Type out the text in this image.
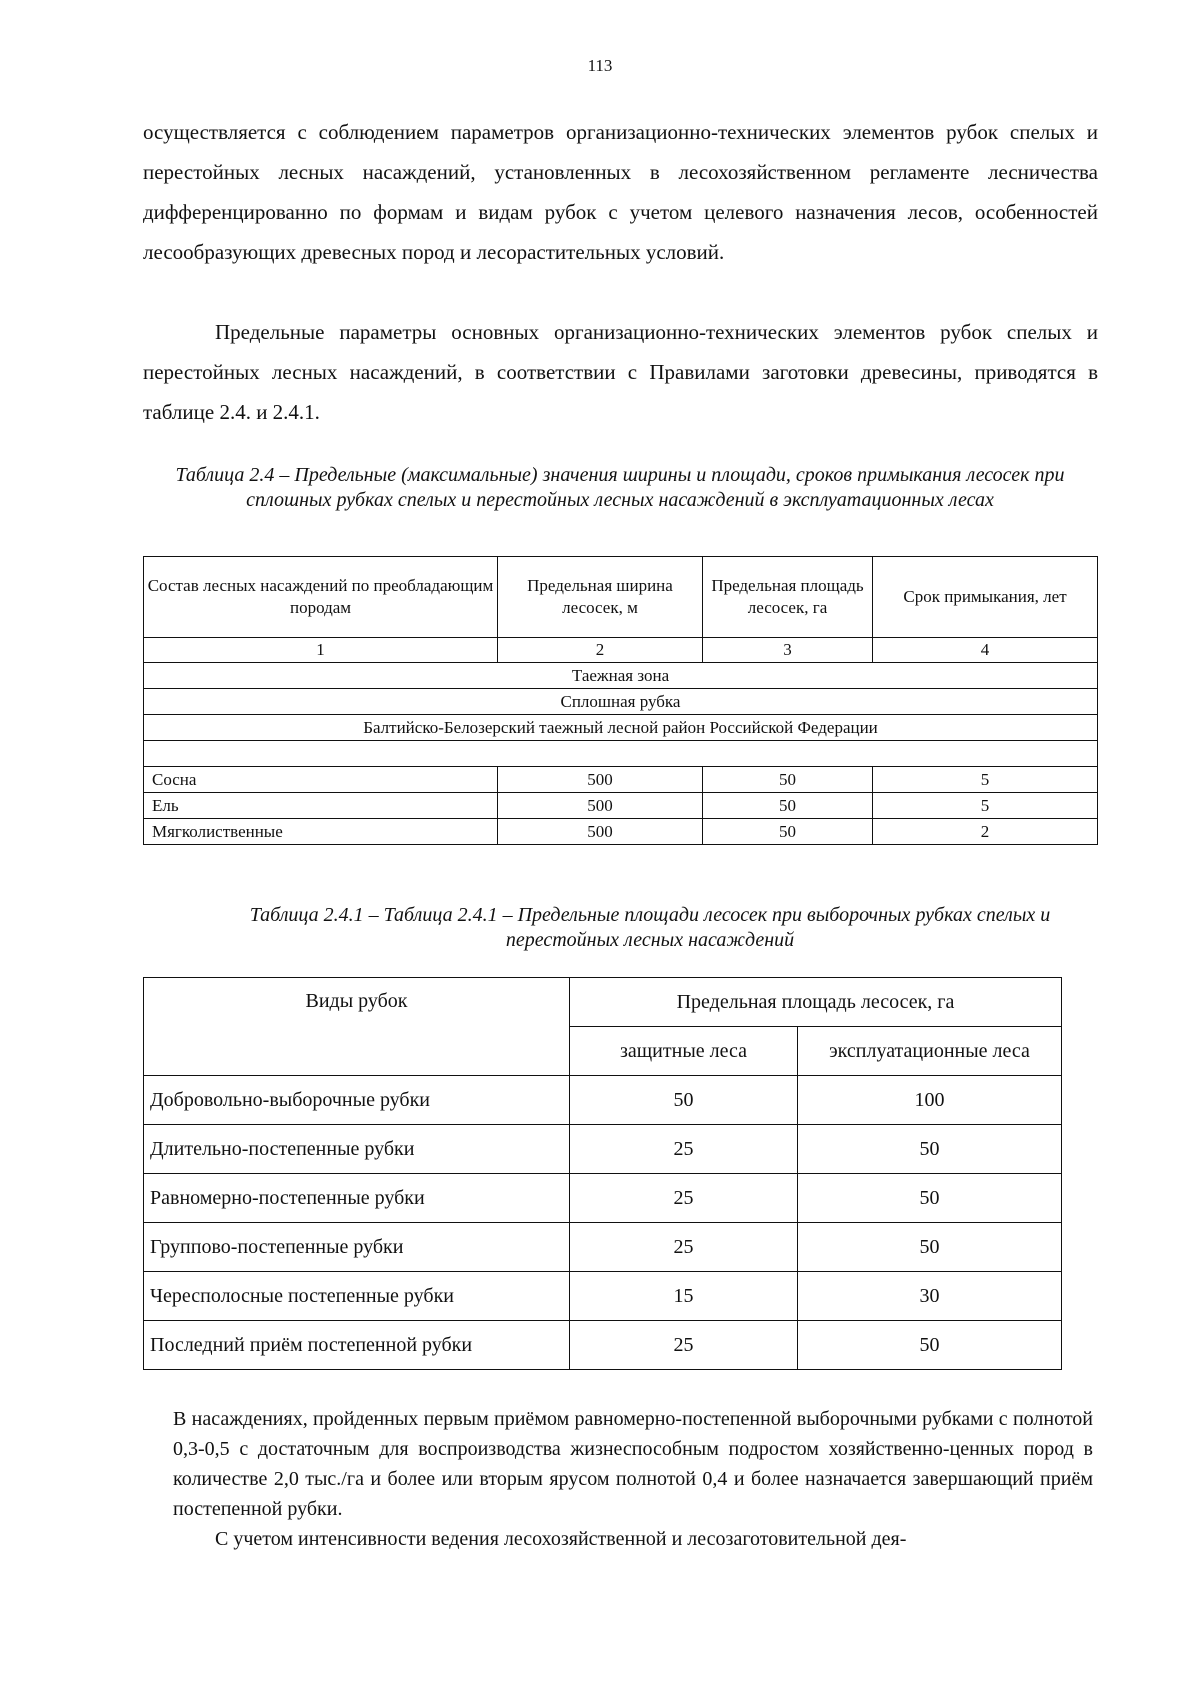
113

осуществляется с соблюдением параметров организационно-технических элементов рубок спелых и перестойных лесных насаждений, установленных в лесохозяйственном регламенте лесничества дифференцированно по формам и видам рубок с учетом целевого назначения лесов, особенностей лесообразующих древесных пород и лесорастительных условий.

Предельные параметры основных организационно-технических элементов рубок спелых и перестойных лесных насаждений, в соответствии с Правилами заготовки древесины, приводятся в таблице 2.4. и 2.4.1.

Таблица 2.4 – Предельные (максимальные) значения ширины и площади, сроков примыкания лесосек при сплошных рубках спелых и перестойных лесных насаждений в эксплуатационных лесах

Состав лесных насаждений по преобладающим породам	Предельная ширина лесосек, м	Предельная площадь лесосек, га	Срок примыкания, лет
1	2	3	4
Таежная зона			
Сплошная рубка			
Балтийско-Белозерский таежный лесной район Российской Федерации			

Сосна	500	50	5
Ель	500	50	5
Мягколиственные	500	50	2

Таблица 2.4.1 – Таблица 2.4.1 – Предельные площади лесосек при выборочных рубках спелых и перестойных лесных насаждений

Виды рубок	Предельная площадь лесосек, га	
	защитные леса	эксплуатационные леса
Добровольно-выборочные рубки	50	100
Длительно-постепенные рубки	25	50
Равномерно-постепенные рубки	25	50
Группово-постепенные рубки	25	50
Чересполосные постепенные рубки	15	30
Последний приём постепенной рубки	25	50

В насаждениях, пройденных первым приёмом равномерно-постепенной выборочными рубками с полнотой 0,3-0,5 с достаточным для воспроизводства жизнеспособным подростом хозяйственно-ценных пород в количестве 2,0 тыс./га и более или вторым ярусом полнотой 0,4 и более назначается завершающий приём постепенной рубки.

С учетом интенсивности ведения лесохозяйственной и лесозаготовительной дея-
